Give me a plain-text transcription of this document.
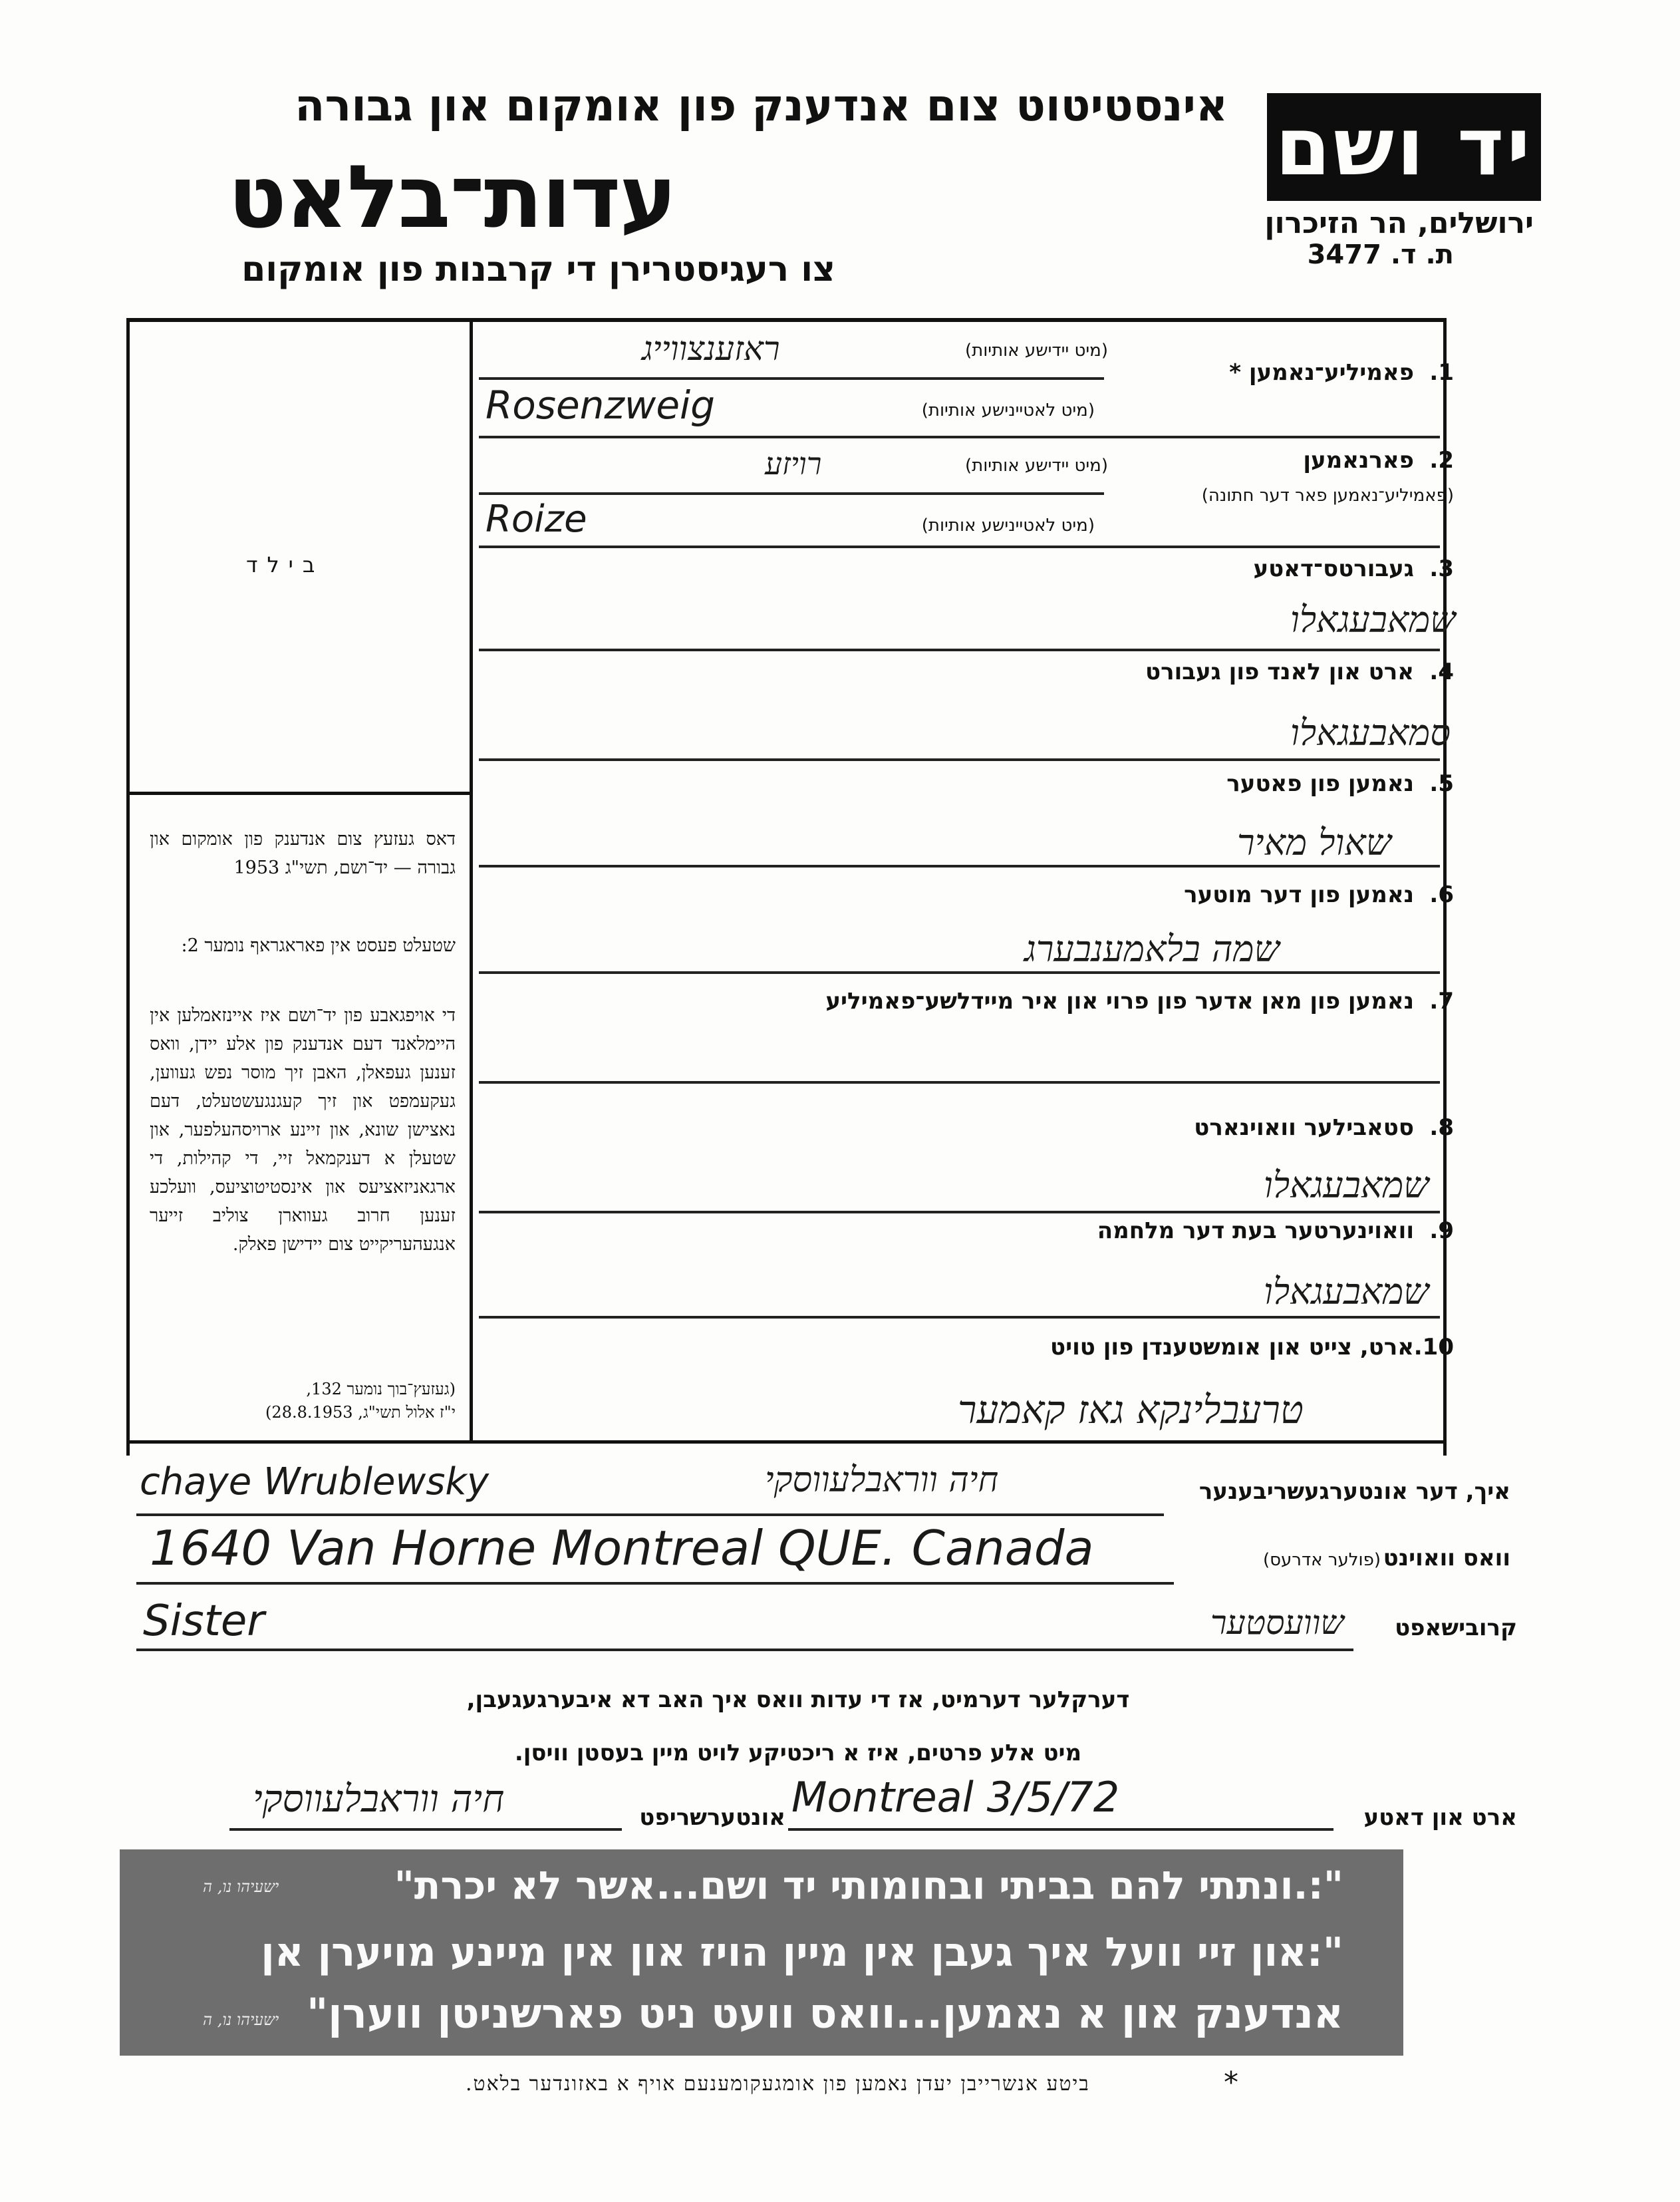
יד ושם
ירושלים, הר הזיכרון
ת. ד. 3477
אינסטיטוט צום אנדענק פון אומקום און גבורה
עדות־בלאט
צו רעגיסטרירן די קרבנות פון אומקום
בילד
דאס געזעץ צום אנדענק פון אומקום און גבורה — יד־ושם, תשי"ג 1953
שטעלט פעסט אין פאראגראף נומער 2:
די אויפגאבע פון יד־ושם איז איינזאמלען אין היימלאנד דעם אנדענק פון אלע יידן, וואס זענען געפאלן, האבן זיך מוסר נפש געווען, געקעמפט און זיך קעגנגעשטעלט, דעם נאצישן שונא, און זיינע ארויסהעלפער, און שטעלן א דענקמאל זיי, די קהילות, די ארגאניזאציעס און אינסטיטוציעס, וועלכע זענען חרוב געווארן צוליב זייער אנגעהעריקייט צום יידישן פאלק.
(געזעץ־בוך נומער 132,
י"ז אלול תשי"ג, 28.8.1953)
1.
פאמיליע־נאמען *
(מיט יידישע אותיות)
ראזענצווייג
(מיט לאטיינישע אותיות)
Rosenzweig
2.
פארנאמען
(פאמיליע־נאמען פאר דער חתונה)
(מיט יידישע אותיות)
רויזע
(מיט לאטיינישע אותיות)
Roize
3.
געבורטס־דאטע
שמאבעגאלו
4.
ארט און לאנד פון געבורט
סמאבעגאלו
5.
נאמען פון פאטער
שאול מאיר
6.
נאמען פון דער מוטער
שמה בלאמענבערג
7.
נאמען פון מאן אדער פון פרוי און איר מיידלשע־פאמיליע
8.
סטאבילער וואוינארט
שמאבעגאלו
9.
וואוינערטער בעת דער מלחמה
שמאבעגאלו
10.
ארט, צייט און אומשטענדן פון טויט
טרעבלינקא גאז קאמער
איך, דער אונטערגעשריבענער
chaye Wrublewsky	חיה ווראבלעווסקי
וואס וואוינט
(פולער אדרעס)
1640 Van Horne Montreal QUE. Canada
קרובישאפט
Sister	שוועסטער
דערקלער דערמיט, אז די עדות וואס איך האב דא איבערגעגעבן,
מיט אלע פרטים, איז א ריכטיקע לויט מיין בעסטן וויסן.
ארט און דאטע
Montreal 3/5/72
אונטערשריפט
חיה ווראבלעווסקי
":.ונתתי להם בביתי ובחומותי יד ושם...אשר לא יכרת"
ישעיהו נו, ה
":און זיי וועל איך געבן אין מיין הויז און אין מיינע מויערן אן
אנדענק און א נאמען...וואס וועט ניט פארשניטן ווערן"
ישעיהו נו, ה
*
ביטע אנשרייבן יעדן נאמען פון אומגעקומענעם אויף א באזונדער בלאט.
